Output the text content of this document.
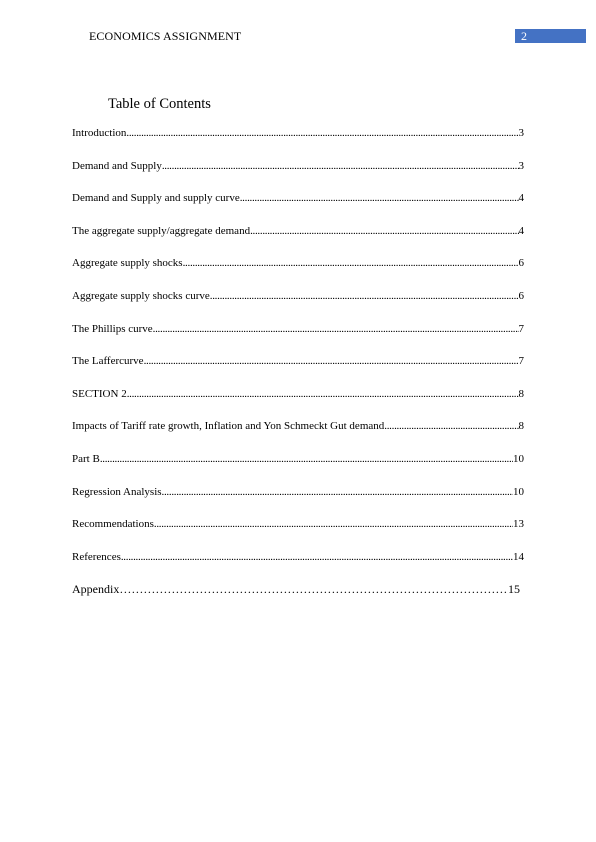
ECONOMICS ASSIGNMENT	2
Table of Contents
Introduction .....	3
Demand and Supply .....	3
Demand and Supply and supply curve .....	4
The aggregate supply/aggregate demand .....	4
Aggregate supply shocks .....	6
Aggregate supply shocks curve .....	6
The Phillips curve .....	7
The Laffercurve .....	7
SECTION 2 .....	8
Impacts of Tariff rate growth, Inflation and Yon Schmeckt Gut demand .....	8
Part B .....	10
Regression Analysis .....	10
Recommendations .....	13
References .....	14
Appendix …………………………………………………………………………………………………………………………………………	15
